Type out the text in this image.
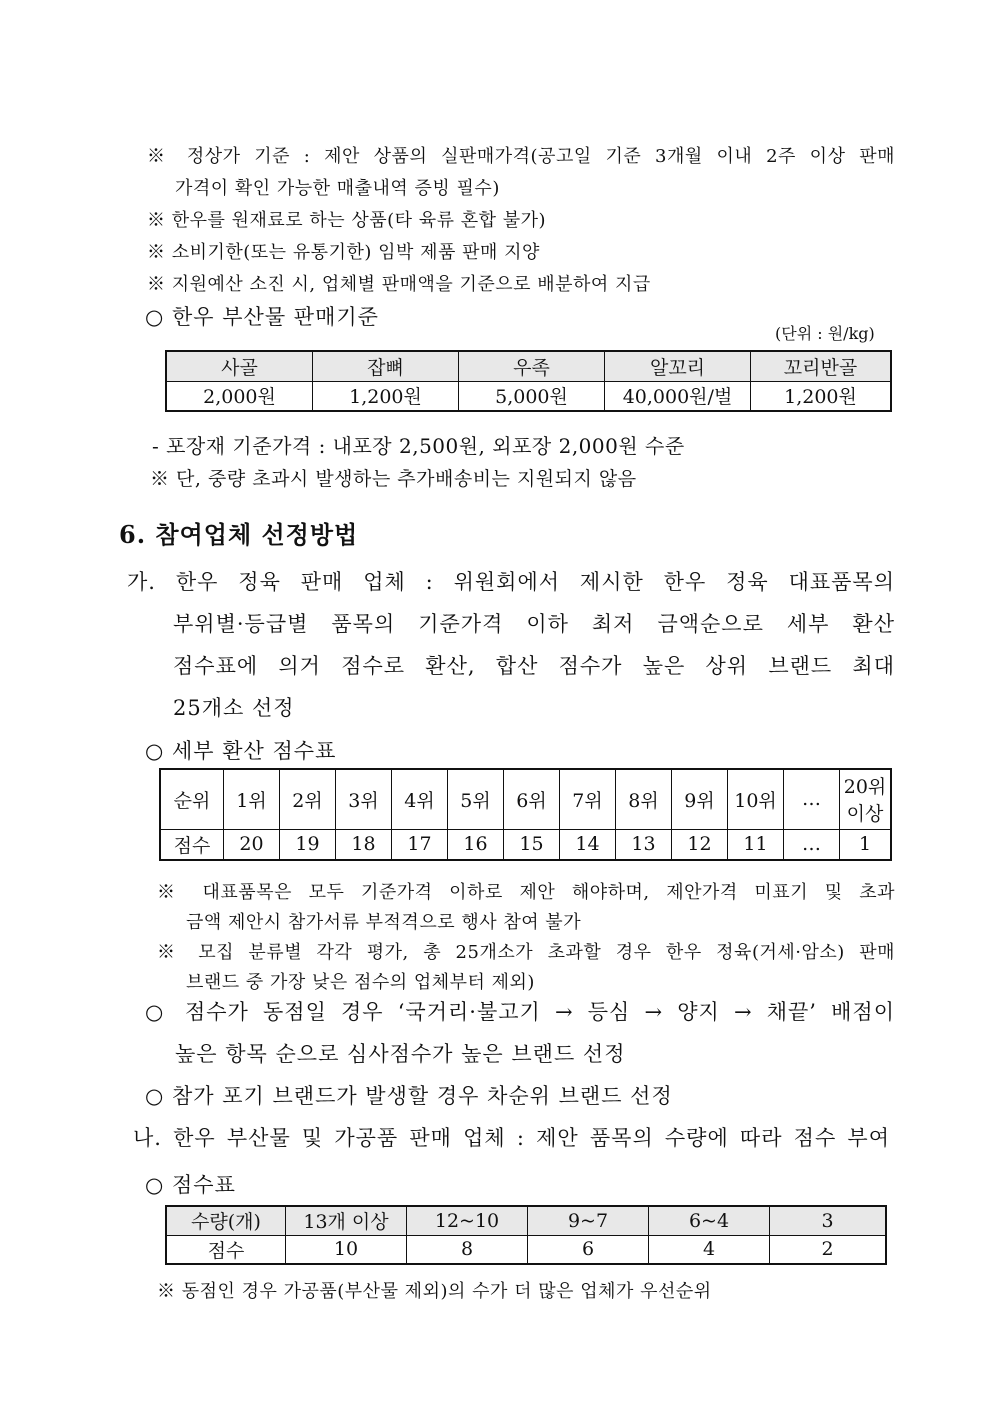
※ 정상가 기준 : 제안 상품의 실판매가격(공고일 기준 3개월 이내 2주 이상 판매
가격이 확인 가능한 매출내역 증빙 필수)
※ 한우를 원재료로 하는 상품(타 육류 혼합 불가)
※ 소비기한(또는 유통기한) 임박 제품 판매 지양
※ 지원예산 소진 시, 업체별 판매액을 기준으로 배분하여 지급
○ 한우 부산물 판매기준
(단위 : 원/kg)
사골	잡뼈	우족	알꼬리	꼬리반골
2,000원	1,200원	5,000원	40,000원/벌	1,200원
- 포장재 기준가격 : 내포장 2,500원, 외포장 2,000원 수준
※ 단, 중량 초과시 발생하는 추가배송비는 지원되지 않음
6. 참여업체 선정방법
가. 한우 정육 판매 업체 : 위원회에서 제시한 한우 정육 대표품목의
부위별·등급별 품목의 기준가격 이하 최저 금액순으로 세부 환산
점수표에 의거 점수로 환산, 합산 점수가 높은 상위 브랜드 최대
25개소 선정
○ 세부 환산 점수표
순위	1위	2위	3위	4위	5위	6위	7위	8위	9위	10위	…	20위
이상

점수	20	19	18	17	16	15	14	13	12	11	…	1
※ 대표품목은 모두 기준가격 이하로 제안 해야하며, 제안가격 미표기 및 초과
금액 제안시 참가서류 부적격으로 행사 참여 불가
※ 모집 분류별 각각 평가, 총 25개소가 초과할 경우 한우 정육(거세·암소) 판매
브랜드 중 가장 낮은 점수의 업체부터 제외)
○ 점수가 동점일 경우 ‘국거리·불고기 → 등심 → 양지 → 채끝’ 배점이
높은 항목 순으로 심사점수가 높은 브랜드 선정
○ 참가 포기 브랜드가 발생할 경우 차순위 브랜드 선정
나. 한우 부산물 및 가공품 판매 업체 : 제안 품목의 수량에 따라 점수 부여
○ 점수표
수량(개)	13개 이상	12~10	9~7	6~4	3
점수	10	8	6	4	2
※ 동점인 경우 가공품(부산물 제외)의 수가 더 많은 업체가 우선순위
